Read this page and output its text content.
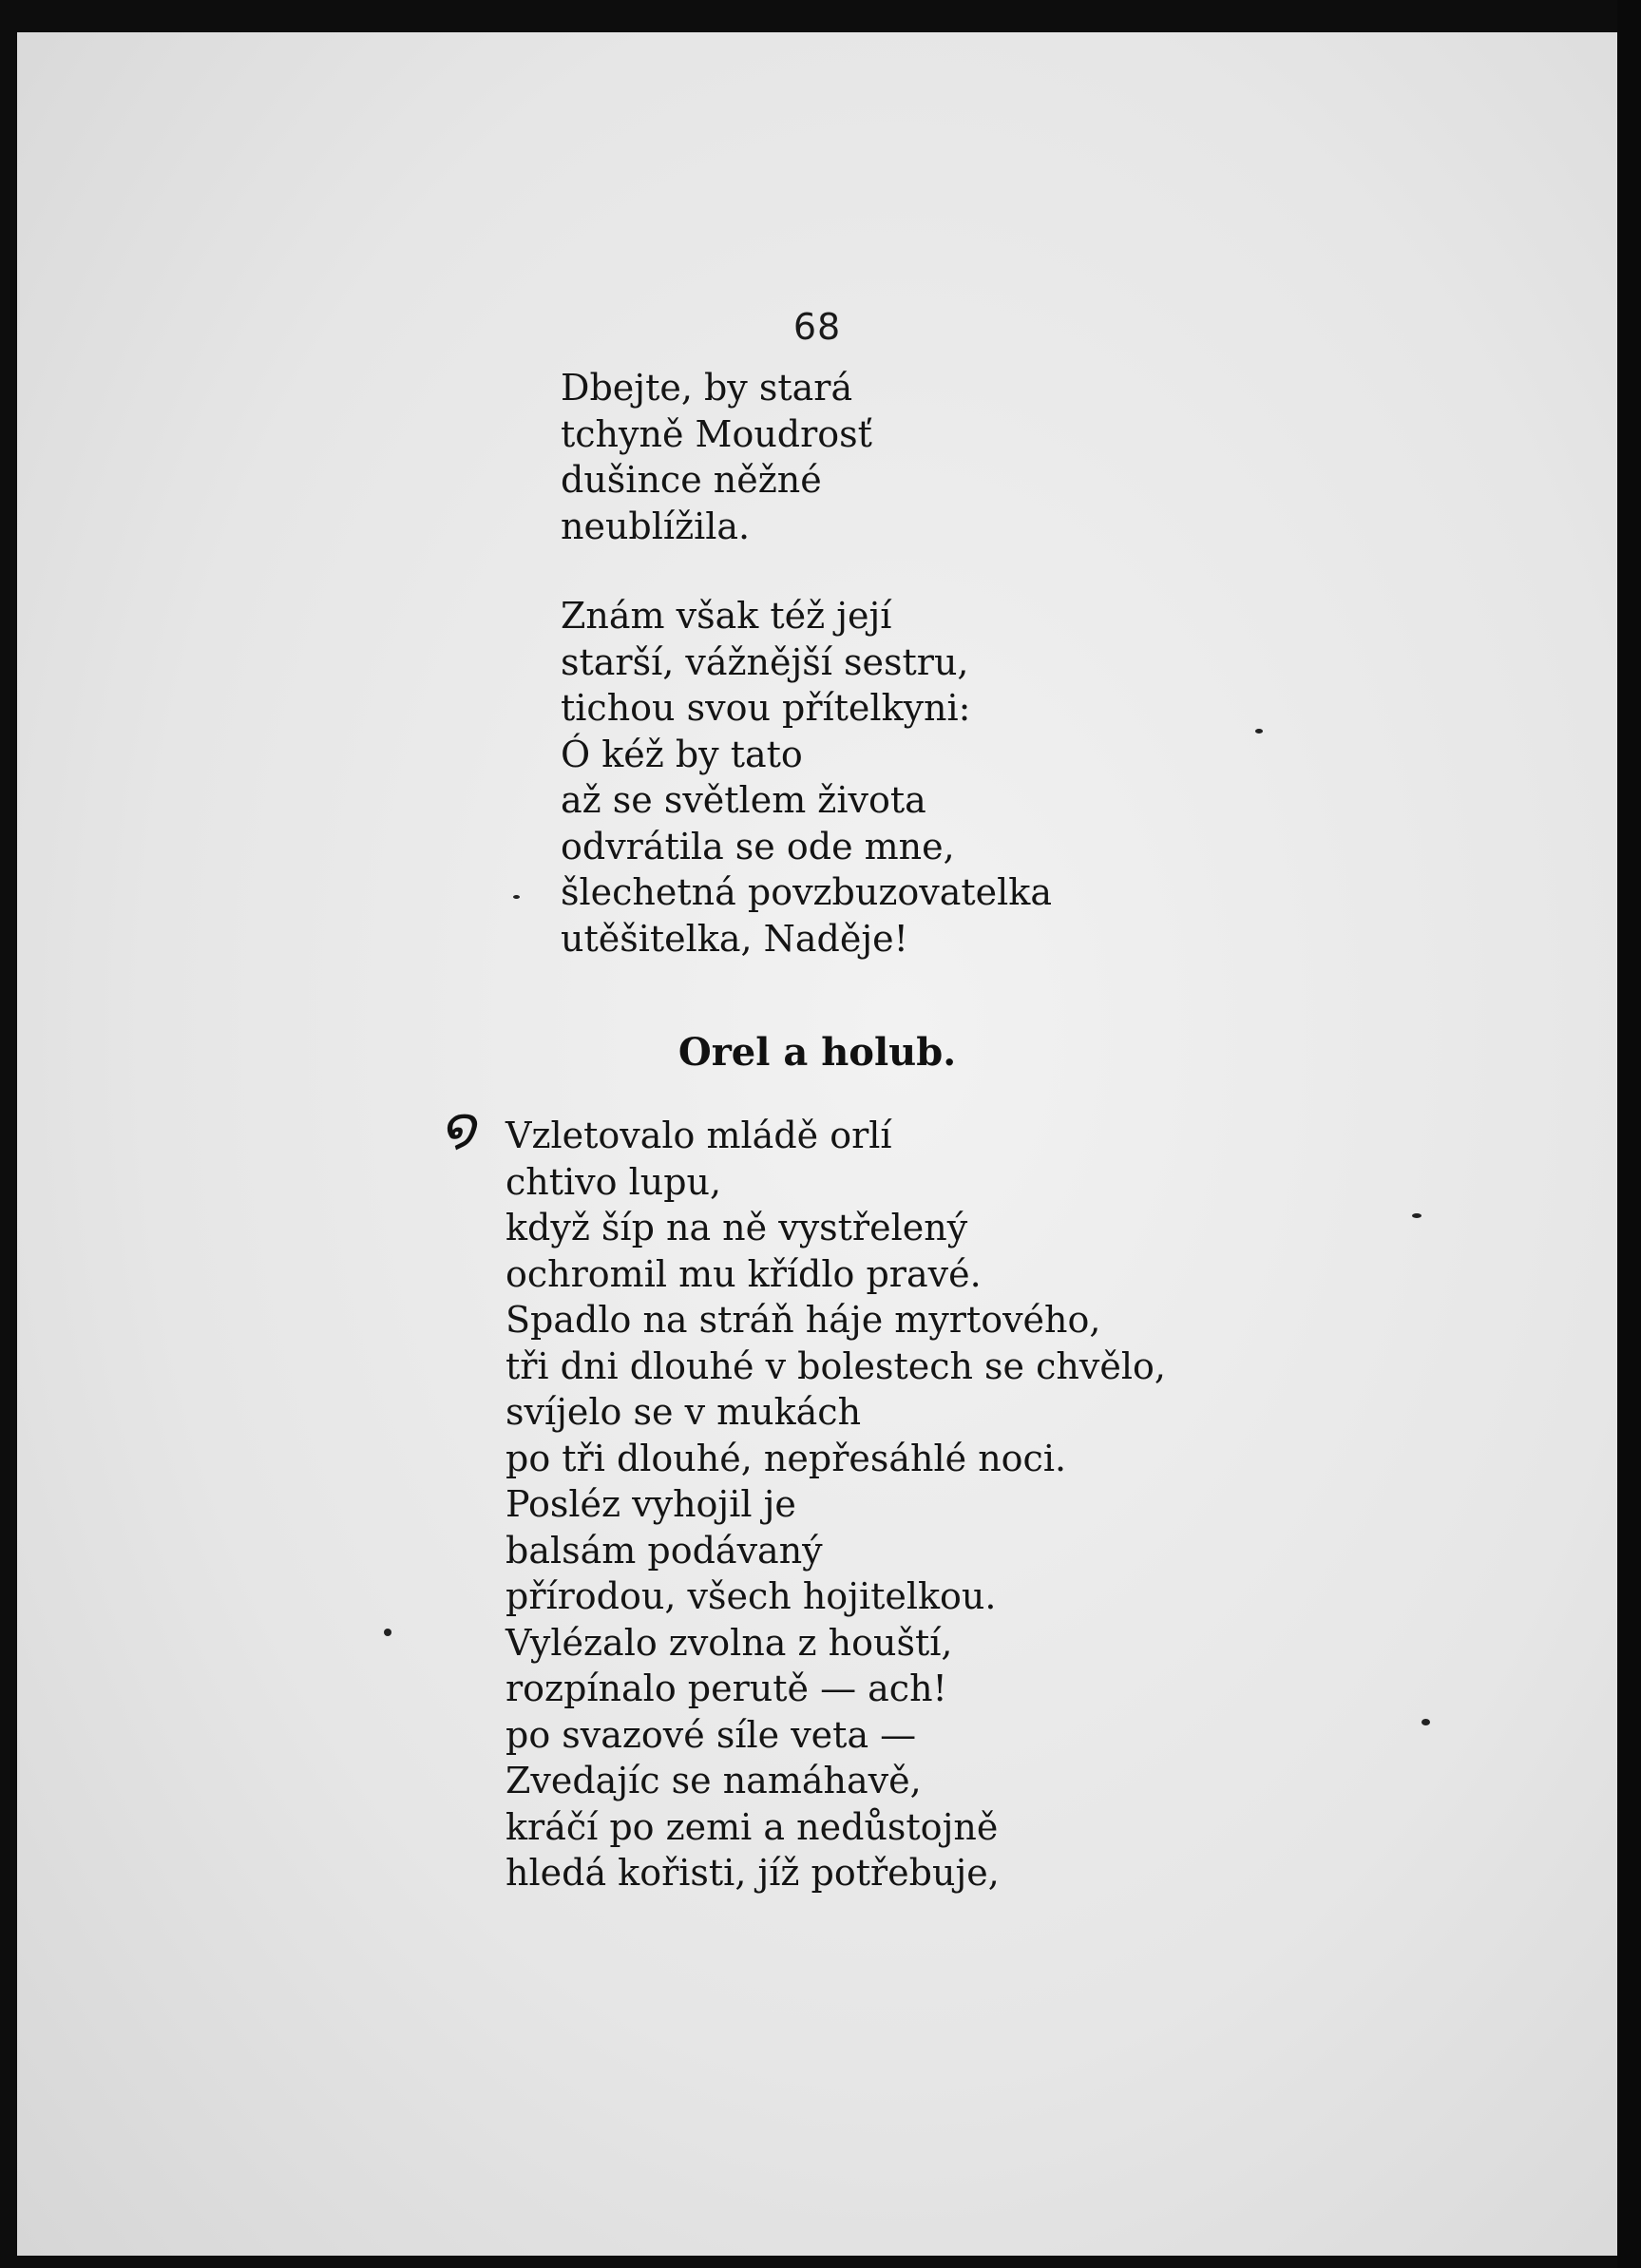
68
Dbejte, by stará
tchyně Moudrosť
dušince něžné
neublížila.
Znám však též její
starší, vážnější sestru,
tichou svou přítelkyni:
Ó kéž by tato
až se světlem života
odvrátila se ode mne,
šlechetná povzbuzovatelka
utěšitelka, Naděje!
Orel a holub.
໑ Vzletovalo mládě orlí
chtivo lupu,
když šíp na ně vystřelený
ochromil mu křídlo pravé.
Spadlo na stráň háje myrtového,
tři dni dlouhé v bolestech se chvělo,
svíjelo se v mukách
po tři dlouhé, nepřesáhlé noci.
Posléz vyhojil je
balsám podávaný
přírodou, všech hojitelkou.
Vylézalo zvolna z houští,
rozpínalo perutě — ach!
po svazové síle veta —
Zvedajíc se namáhavě,
kráčí po zemi a nedůstojně
hledá kořisti, jíž potřebuje,
